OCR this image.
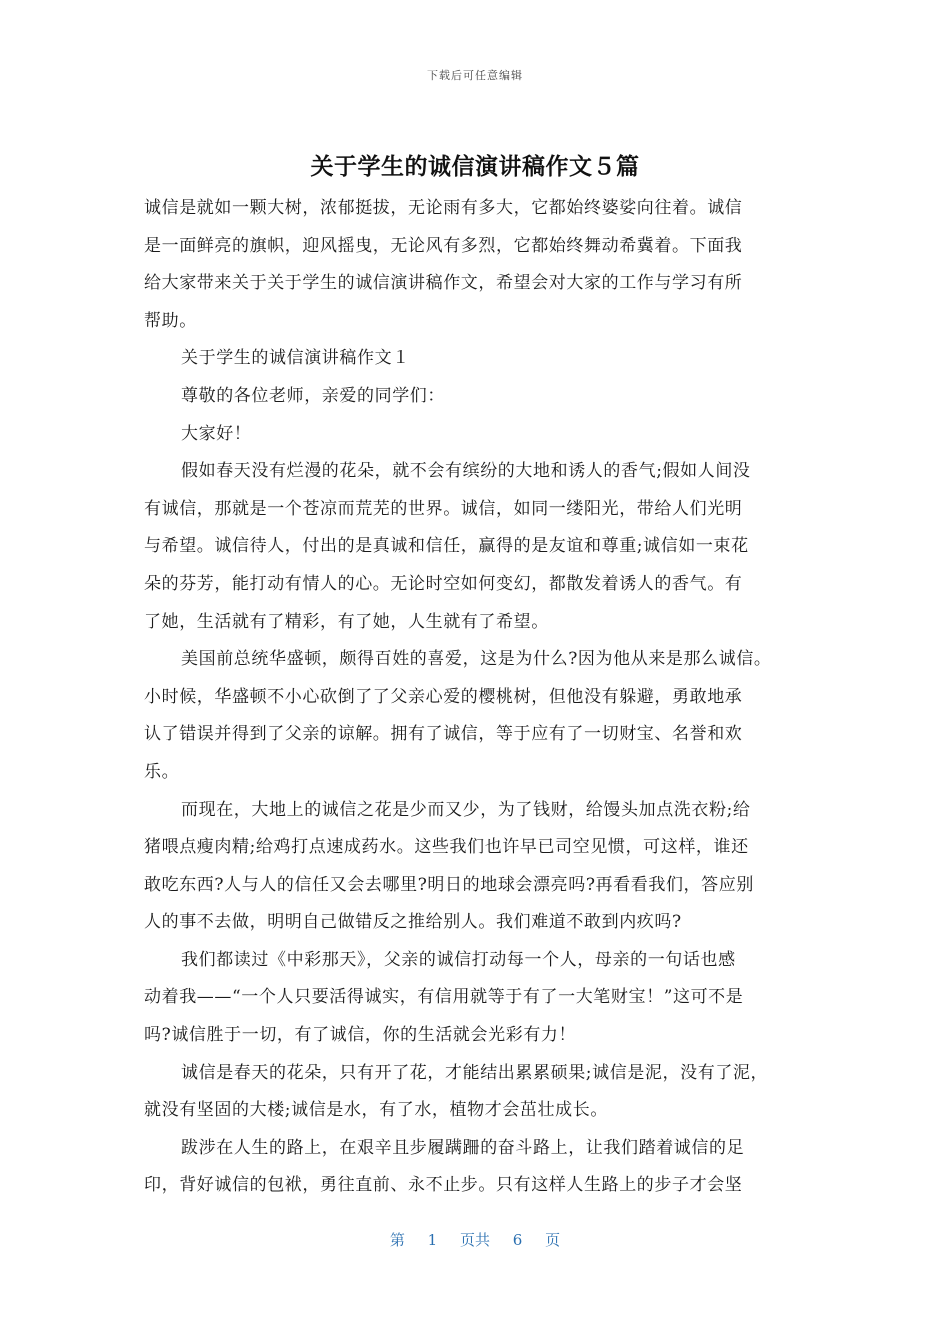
下载后可任意编辑
关于学生的诚信演讲稿作文５篇
诚信是就如一颗大树，浓郁挺拔，无论雨有多大，它都始终婆娑向往着。诚信
是一面鲜亮的旗帜，迎风摇曳，无论风有多烈，它都始终舞动希冀着。下面我
给大家带来关于关于学生的诚信演讲稿作文，希望会对大家的工作与学习有所
帮助。
关于学生的诚信演讲稿作文１
尊敬的各位老师，亲爱的同学们：
大家好！
假如春天没有烂漫的花朵，就不会有缤纷的大地和诱人的香气;假如人间没
有诚信，那就是一个苍凉而荒芜的世界。诚信，如同一缕阳光，带给人们光明
与希望。诚信待人，付出的是真诚和信任，赢得的是友谊和尊重;诚信如一束花
朵的芬芳，能打动有情人的心。无论时空如何变幻，都散发着诱人的香气。有
了她，生活就有了精彩，有了她，人生就有了希望。
美国前总统华盛顿，颇得百姓的喜爱，这是为什么?因为他从来是那么诚信。
小时候，华盛顿不小心砍倒了了父亲心爱的樱桃树，但他没有躲避，勇敢地承
认了错误并得到了父亲的谅解。拥有了诚信，等于应有了一切财宝、名誉和欢
乐。
而现在，大地上的诚信之花是少而又少，为了钱财，给馒头加点洗衣粉;给
猪喂点瘦肉精;给鸡打点速成药水。这些我们也许早已司空见惯，可这样，谁还
敢吃东西?人与人的信任又会去哪里?明日的地球会漂亮吗?再看看我们，答应别
人的事不去做，明明自己做错反之推给别人。我们难道不敢到内疚吗?
我们都读过《中彩那天》，父亲的诚信打动每一个人，母亲的一句话也感
动着我——“一个人只要活得诚实，有信用就等于有了一大笔财宝！”这可不是
吗?诚信胜于一切，有了诚信，你的生活就会光彩有力！
诚信是春天的花朵，只有开了花，才能结出累累硕果;诚信是泥，没有了泥，
就没有坚固的大楼;诚信是水，有了水，植物才会茁壮成长。
跋涉在人生的路上，在艰辛且步履蹒跚的奋斗路上，让我们踏着诚信的足
印，背好诚信的包袱，勇往直前、永不止步。只有这样人生路上的步子才会坚
第 1 页共 6 页
